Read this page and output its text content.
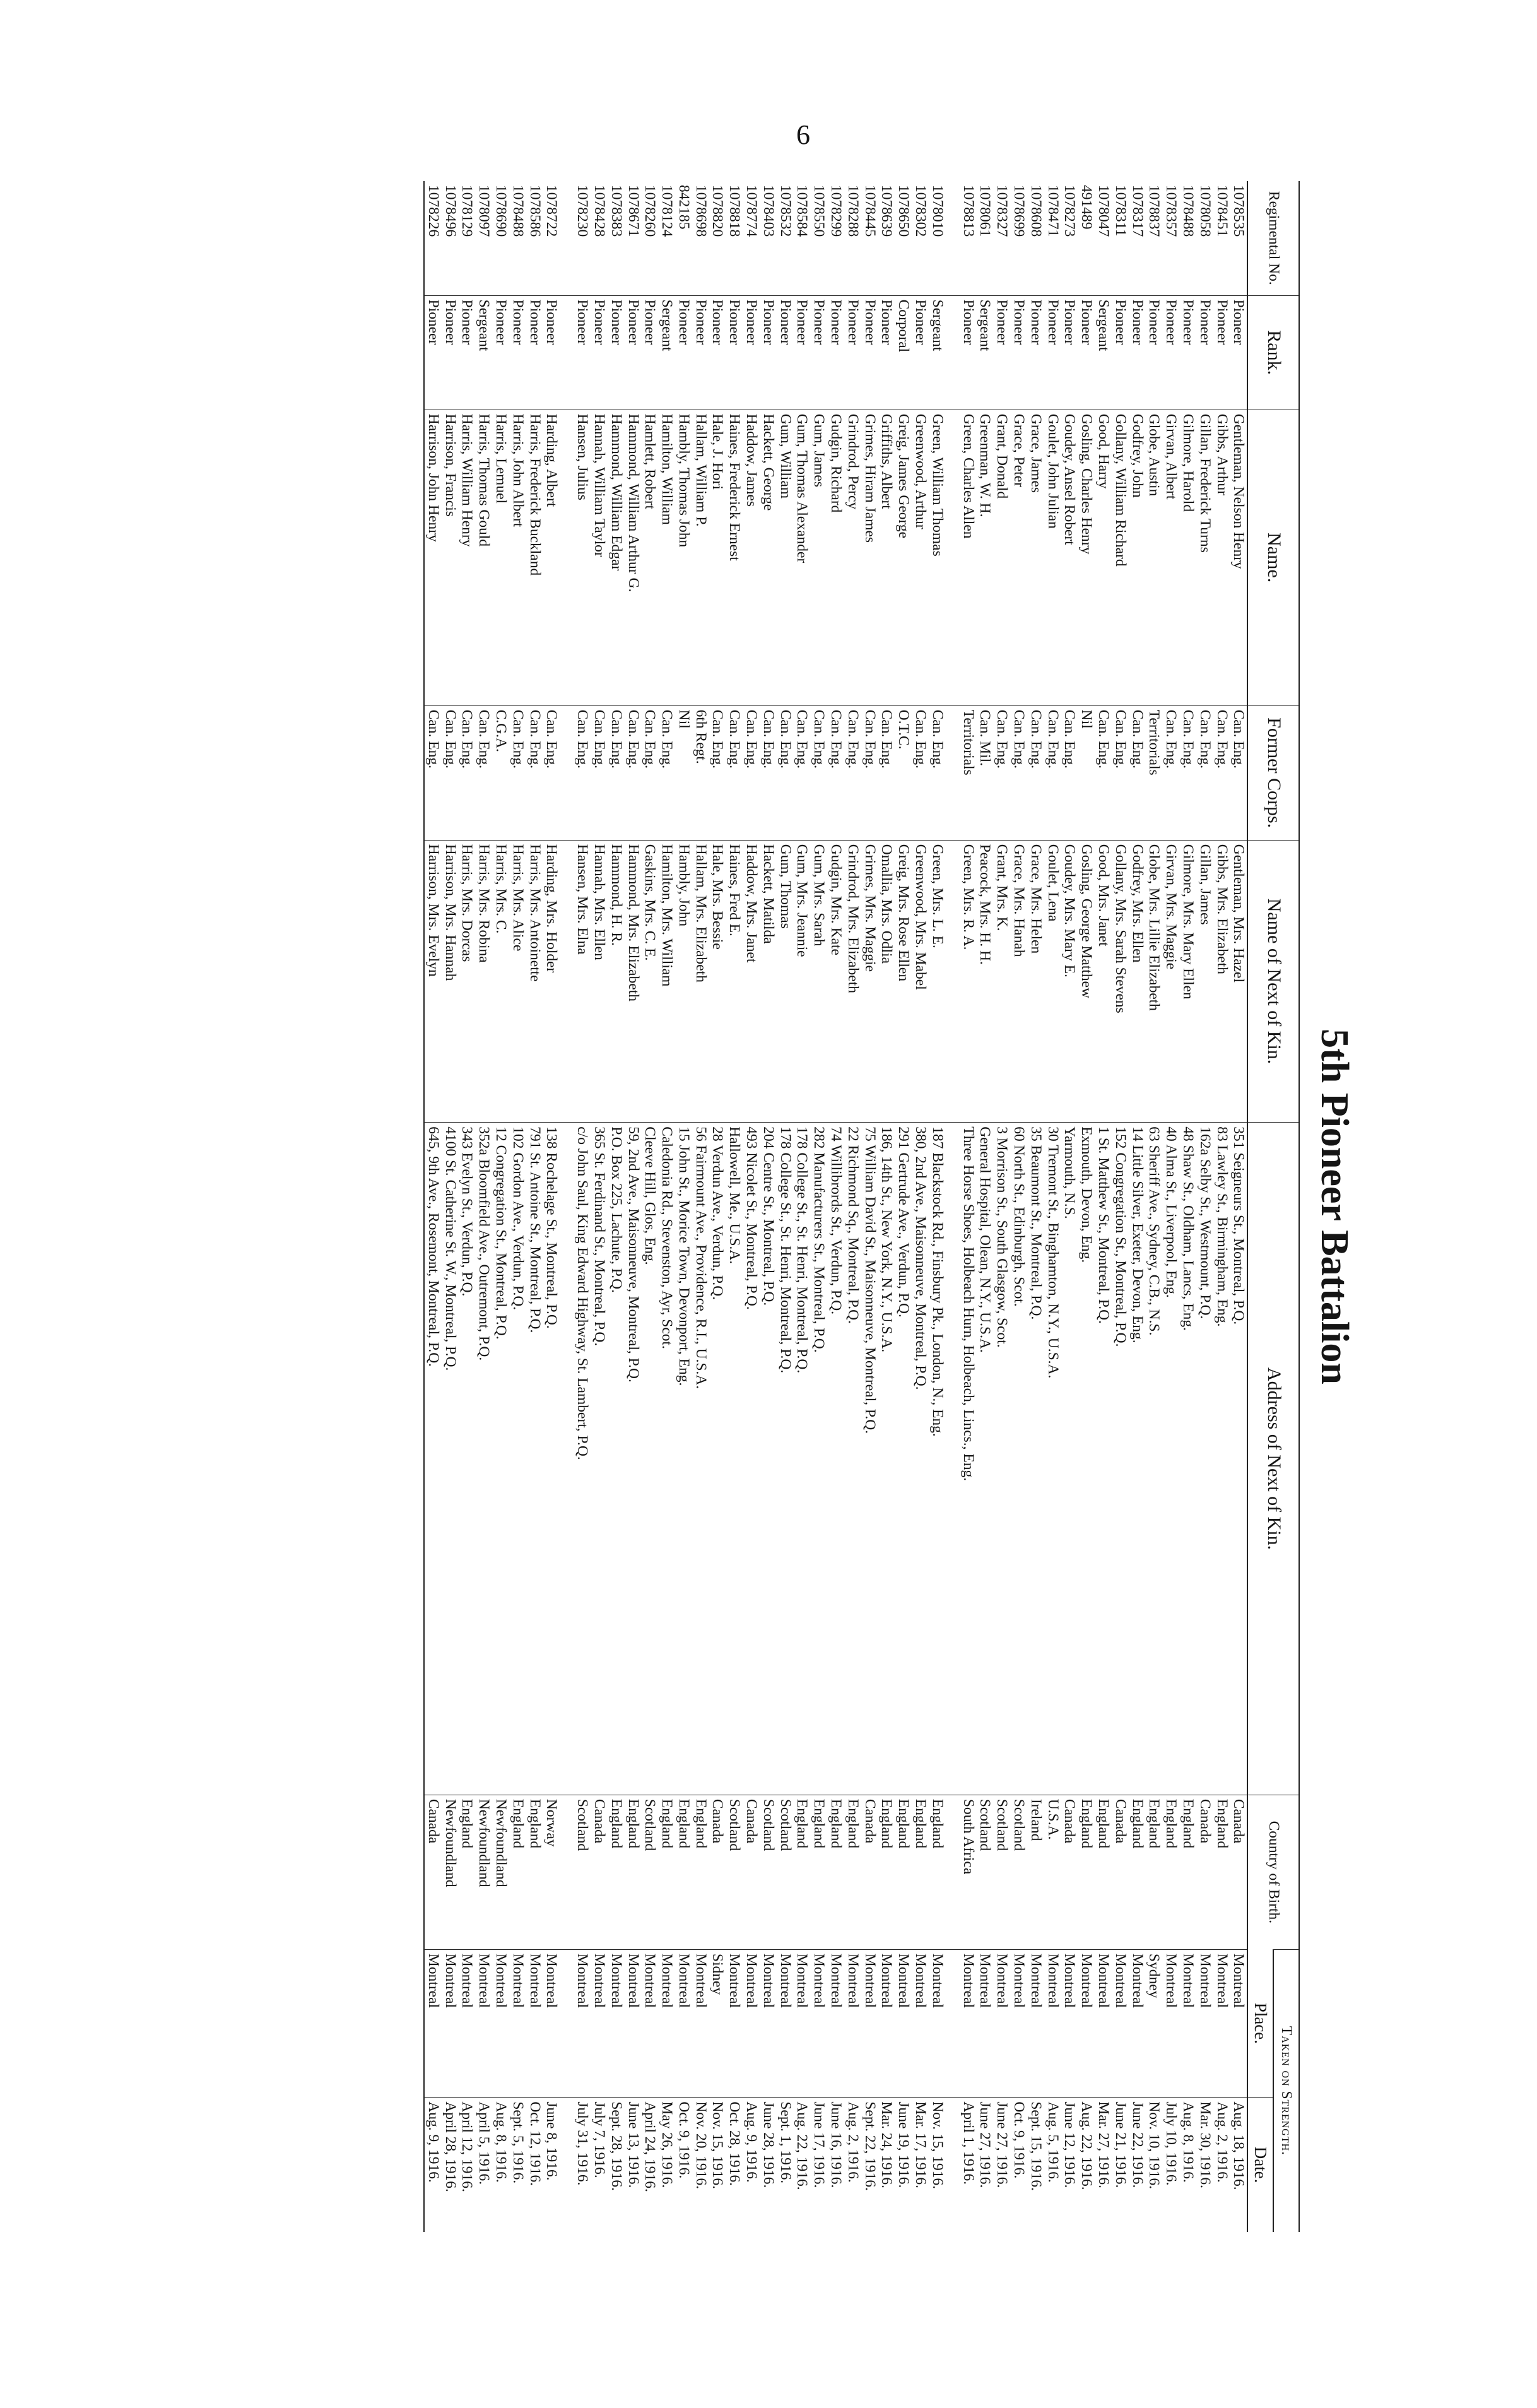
6
5th Pioneer Battalion
Regimental No.	Rank.	Name.	Former Corps.	Name of Next of Kin.	Address of Next of Kin.	Country of Birth.	Taken on Strength.	
							Place.	Date.
1078535	Pioneer	Gentleman, Nelson Henry	Can. Eng.	Gentleman, Mrs. Hazel	351 Seigneurs St., Montreal, P.Q.	Canada	Montreal	Aug. 18, 1916.
1078451	Pioneer	Gibbs, Arthur	Can. Eng.	Gibbs, Mrs. Elizabeth	83 Lawley St., Birmingham, Eng.	England	Montreal	Aug. 2, 1916.
1078058	Pioneer	Gillan, Frederick Turns	Can. Eng.	Gillan, James	162a Selby St., Westmount, P.Q.	Canada	Montreal	Mar. 30, 1916.
1078488	Pioneer	Gilmore, Harold	Can. Eng.	Gilmore, Mrs. Mary Ellen	48 Shaw St., Oldham, Lancs, Eng.	England	Montreal	Aug. 8, 1916.
1078357	Pioneer	Girvan, Albert	Can. Eng.	Girvan, Mrs. Maggie	40 Alma St., Liverpool, Eng.	England	Montreal	July 10, 1916.
1078837	Pioneer	Globe, Austin	Territorials	Globe, Mrs. Lillie Elizabeth	63 Sheriff Ave., Sydney, C.B., N.S.	England	Sydney	Nov. 10, 1916.
1078317	Pioneer	Godfrey, John	Can. Eng.	Godfrey, Mrs. Ellen	14 Little Silver, Exeter, Devon, Eng.	England	Montreal	June 22, 1916.
1078311	Pioneer	Gollany, William Richard	Can. Eng.	Gollany, Mrs. Sarah Stevens	152 Congregation St., Montreal, P.Q.	Canada	Montreal	June 21, 1916.
1078047	Sergeant	Good, Harry	Can. Eng.	Good, Mrs. Janet	1 St. Matthew St., Montreal, P.Q.	England	Montreal	Mar. 27, 1916.
491489	Pioneer	Gosling, Charles Henry	Nil	Gosling, George Matthew	Exmouth, Devon, Eng.	England	Montreal	Aug. 22, 1916.
1078273	Pioneer	Goudey, Ansel Robert	Can. Eng.	Goudey, Mrs. Mary E.	Yarmouth, N.S.	Canada	Montreal	June 12, 1916.
1078471	Pioneer	Goulet, John Julian	Can. Eng.	Goulet, Lena	30 Tremont St., Binghamton, N.Y., U.S.A.	U.S.A.	Montreal	Aug. 5, 1916.
1078608	Pioneer	Grace, James	Can. Eng.	Grace, Mrs. Helen	35 Beaumont St., Montreal, P.Q.	Ireland	Montreal	Sept. 15, 1916.
1078699	Pioneer	Grace, Peter	Can. Eng.	Grace, Mrs. Hanah	60 North St., Edinburgh, Scot.	Scotland	Montreal	Oct. 9, 1916.
1078327	Pioneer	Grant, Donald	Can. Eng.	Grant, Mrs. K.	3 Morrison St., South Glasgow, Scot.	Scotland	Montreal	June 27, 1916.
1078061	Sergeant	Greenman, W. H.	Can. Mil.	Peacock, Mrs. H. H.	General Hospital, Olean, N.Y., U.S.A.	Scotland	Montreal	June 27, 1916.
1078813	Pioneer	Green, Charles Allen	Territorials	Green, Mrs. R. A.	Three Horse Shoes, Holbeach Hurn, Holbeach, Lincs., Eng.	South Africa	Montreal	April 1, 1916.

1078010	Sergeant	Green, William Thomas	Can. Eng.	Green, Mrs. L. E.	187 Blackstock Rd., Finsbury Pk., London, N., Eng.	England	Montreal	Nov. 15, 1916.
1078302	Pioneer	Greenwood, Arthur	Can. Eng.	Greenwood, Mrs. Mabel	380, 2nd Ave., Maisonneuve, Montreal, P.Q.	England	Montreal	Mar. 17, 1916.
1078650	Corporal	Greig, James George	O.T.C.	Greig, Mrs. Rose Ellen	291 Gertrude Ave., Verdun, P.Q.	England	Montreal	June 19, 1916.
1078639	Pioneer	Griffiths, Albert	Can. Eng.	Omallia, Mrs. Odlia	186, 14th St., New York, N.Y., U.S.A.	England	Montreal	Mar. 24, 1916.
1078445	Pioneer	Grimes, Hiram James	Can. Eng.	Grimes, Mrs. Maggie	75 William David St., Maisonneuve, Montreal, P.Q.	Canada	Montreal	Sept. 22, 1916.
1078288	Pioneer	Grindrod, Percy	Can. Eng.	Grindrod, Mrs. Elizabeth	22 Richmond Sq., Montreal, P.Q.	England	Montreal	Aug. 2, 1916.
1078299	Pioneer	Gudgin, Richard	Can. Eng.	Gudgin, Mrs. Kate	74 Willibrords St., Verdun, P.Q.	England	Montreal	June 16, 1916.
1078550	Pioneer	Gum, James	Can. Eng.	Gum, Mrs. Sarah	282 Manufacturers St., Montreal, P.Q.	England	Montreal	June 17, 1916.
1078584	Pioneer	Gum, Thomas Alexander	Can. Eng.	Gum, Mrs. Jeannie	178 College St., St. Henri, Montreal, P.Q.	England	Montreal	Aug. 22, 1916.
1078532	Pioneer	Gum, William	Can. Eng.	Gum, Thomas	178 College St., St. Henri, Montreal, P.Q.	Scotland	Montreal	Sept. 1, 1916.
1078403	Pioneer	Hackett, George	Can. Eng.	Hackett, Matilda	204 Centre St., Montreal, P.Q.	Scotland	Montreal	June 28, 1916.
1078774	Pioneer	Haddow, James	Can. Eng.	Haddow, Mrs. Janet	493 Nicolet St., Montreal, P.Q.	Canada	Montreal	Aug. 9, 1916.
1078818	Pioneer	Haines, Frederick Ernest	Can. Eng.	Haines, Fred E.	Hallowell, Me., U.S.A.	Scotland	Montreal	Oct. 28, 1916.
1078820	Pioneer	Hale, J. Hori	Can. Eng.	Hale, Mrs. Bessie	28 Verdun Ave., Verdun, P.Q.	Canada	Sidney	Nov. 15, 1916.
1078698	Pioneer	Hallam, William P.	6th Regt.	Hallam, Mrs. Elizabeth	56 Fairmount Ave., Providence, R.I., U.S.A.	England	Montreal	Nov. 20, 1916.
842185	Pioneer	Hambly, Thomas John	Nil	Hambly, John	15 John St., Morice Town, Devonport, Eng.	England	Montreal	Oct. 9, 1916.
1078124	Sergeant	Hamilton, William	Can. Eng.	Hamilton, Mrs. William	Caledonia Rd., Stevenston, Ayr, Scot.	England	Montreal	May 26, 1916.
1078260	Pioneer	Hamlett, Robert	Can. Eng.	Gaskins, Mrs. C. E.	Cleeve Hill, Glos, Eng.	Scotland	Montreal	April 24, 1916.
1078671	Pioneer	Hammond, William Arthur G.	Can. Eng.	Hammond, Mrs. Elizabeth	59, 2nd Ave., Maisonneuve, Montreal, P.Q.	England	Montreal	June 13, 1916.
1078383	Pioneer	Hammond, William Edgar	Can. Eng.	Hammond, H. R.	P.O. Box 225, Lachute, P.Q.	England	Montreal	Sept. 28, 1916.
1078428	Pioneer	Hannah, William Taylor	Can. Eng.	Hannah, Mrs. Ellen	365 St. Ferdinand St., Montreal, P.Q.	Canada	Montreal	July 7, 1916.
1078230	Pioneer	Hansen, Julius	Can. Eng.	Hansen, Mrs. Elna	c/o John Saul, King Edward Highway, St. Lambert, P.Q.	Scotland	Montreal	July 31, 1916.

1078722	Pioneer	Harding, Albert	Can. Eng.	Harding, Mrs. Holder	138 Rochelage St., Montreal, P.Q.	Norway	Montreal	June 8, 1916.
1078586	Pioneer	Harris, Frederick Buckland	Can. Eng.	Harris, Mrs. Antoinette	791 St. Antoine St., Montreal, P.Q.	England	Montreal	Oct. 12, 1916.
1078488	Pioneer	Harris, John Albert	Can. Eng.	Harris, Mrs. Alice	102 Gordon Ave., Verdun, P.Q.	England	Montreal	Sept. 5, 1916.
1078690	Pioneer	Harris, Lemuel	C.G.A.	Harris, Mrs. C.	12 Congregation St., Montreal, P.Q.	Newfoundland	Montreal	Aug. 8, 1916.
1078097	Sergeant	Harris, Thomas Gould	Can. Eng.	Harris, Mrs. Robina	352a Bloomfield Ave., Outremont, P.Q.	Newfoundland	Montreal	April 5, 1916.
1078129	Pioneer	Harris, William Henry	Can. Eng.	Harris, Mrs. Dorcas	343 Evelyn St., Verdun, P.Q.	England	Montreal	April 12, 1916.
1078496	Pioneer	Harrison, Francis	Can. Eng.	Harrison, Mrs. Hannah	4100 St. Catherine St. W., Montreal, P.Q.	Newfoundland	Montreal	April 28, 1916.
1078226	Pioneer	Harrison, John Henry	Can. Eng.	Harrison, Mrs. Evelyn	645, 9th Ave., Rosemont, Montreal, P.Q.	Canada	Montreal	Aug. 9, 1916.
